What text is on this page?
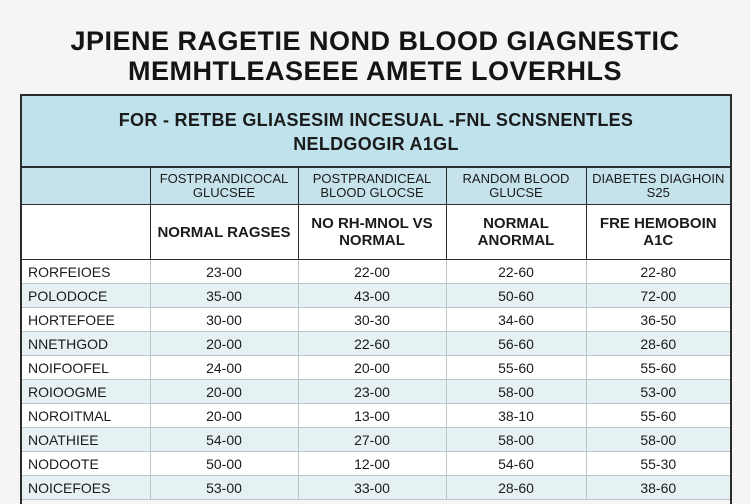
JPIENE RAGETIE NOND BLOOD GIAGNESTIC
MEMHTLEASEEE AMETE LOVERHLS
FOR - RETBE GLIASESIM INCESUAL -FNL SCNSNENTLES
NELDGOGIR A1GL
	FOSTPRANDICOCAL GLUCSEE	POSTPRANDICEAL BLOOD GLOCSE	RANDOM BLOOD GLUCSE	DIABETES DIAGHOIN S25
	NORMAL RAGSES	NO RH-MNOL VS NORMAL	NORMAL ANORMAL	FRE HEMOBOIN A1C
RORFEIOES	23-00	22-00	22-60	22-80
POLODOCE	35-00	43-00	50-60	72-00
HORTEFOEE	30-00	30-30	34-60	36-50
NNETHGOD	20-00	22-60	56-60	28-60
NOIFOOFEL	24-00	20-00	55-60	55-60
ROIOOGME	20-00	23-00	58-00	53-00
NOROITMAL	20-00	13-00	38-10	55-60
NOATHIEE	54-00	27-00	58-00	58-00
NODOOTE	50-00	12-00	54-60	55-30
NOICEFOES	53-00	33-00	28-60	38-60
